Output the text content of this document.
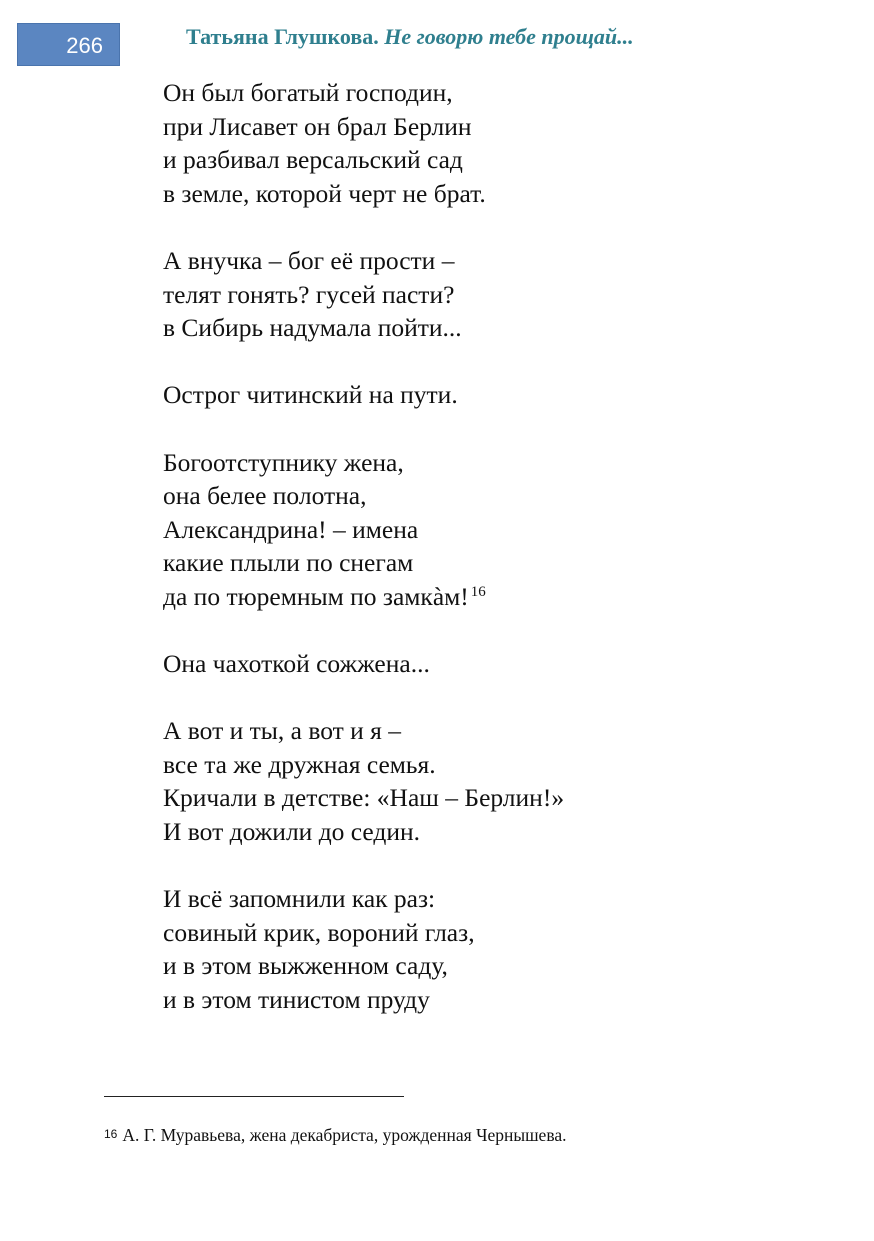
266	Татьяна Глушкова. Не говорю тебе прощай...
Он был богатый господин,
при Лисавет он брал Берлин
и разбивал версальский сад
в земле, которой черт не брат.
А внучка – бог её прости –
телят гонять? гусей пасти?
в Сибирь надумала пойти...
Острог читинский на пути.
Богоотступнику жена,
она белее полотна,
Александрина! – имена
какие плыли по снегам
да по тюремным по замкàм! $^{16}$
Она чахоткой сожжена...
А вот и ты, а вот и я –
все та же дружная семья.
Кричали в детстве: «Наш – Берлин!»
И вот дожили до седин.
И всё запомнили как раз:
совиный крик, вороний глаз,
и в этом выжженном саду,
и в этом тинистом пруду
$^{16}$ А. Г. Муравьева, жена декабриста, урожденная Чернышева.
